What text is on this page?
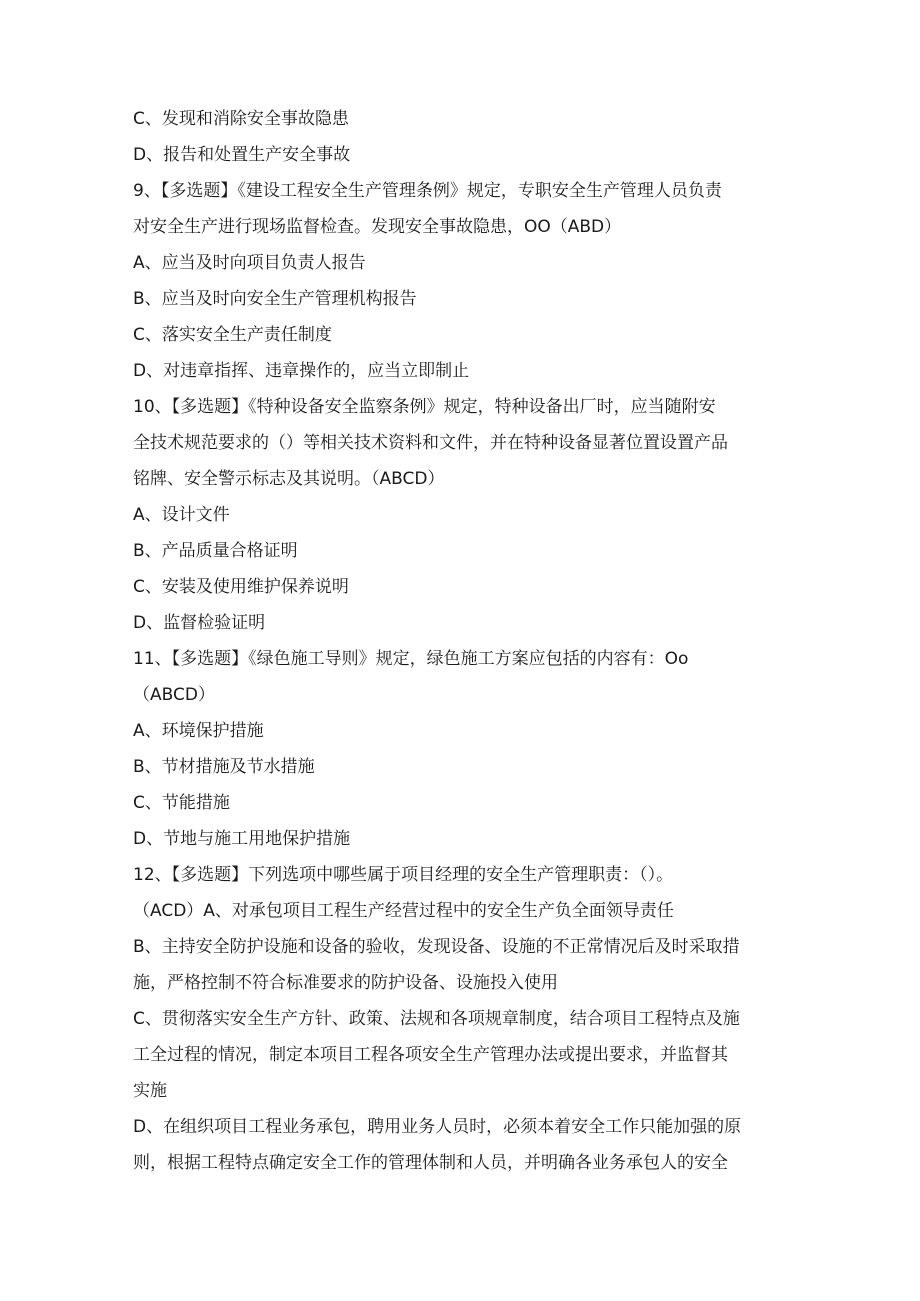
C、发现和消除安全事故隐患
D、报告和处置生产安全事故
9、【多选题】《建设工程安全生产管理条例》规定，专职安全生产管理人员负责
对安全生产进行现场监督检查。发现安全事故隐患，OO（ABD）
A、应当及时向项目负责人报告
B、应当及时向安全生产管理机构报告
C、落实安全生产责任制度
D、对违章指挥、违章操作的，应当立即制止
10、【多选题】《特种设备安全监察条例》规定，特种设备出厂时，应当随附安
全技术规范要求的（）等相关技术资料和文件，并在特种设备显著位置设置产品
铭牌、安全警示标志及其说明。（ABCD）
A、设计文件
B、产品质量合格证明
C、安装及使用维护保养说明
D、监督检验证明
11、【多选题】《绿色施工导则》规定，绿色施工方案应包括的内容有：Oo
（ABCD）
A、环境保护措施
B、节材措施及节水措施
C、节能措施
D、节地与施工用地保护措施
12、【多选题】下列选项中哪些属于项目经理的安全生产管理职责：（）。
（ACD）A、对承包项目工程生产经营过程中的安全生产负全面领导责任
B、主持安全防护设施和设备的验收，发现设备、设施的不正常情况后及时采取措
施，严格控制不符合标准要求的防护设备、设施投入使用
C、贯彻落实安全生产方针、政策、法规和各项规章制度，结合项目工程特点及施
工全过程的情况，制定本项目工程各项安全生产管理办法或提出要求，并监督其
实施
D、在组织项目工程业务承包，聘用业务人员时，必须本着安全工作只能加强的原
则，根据工程特点确定安全工作的管理体制和人员，并明确各业务承包人的安全
